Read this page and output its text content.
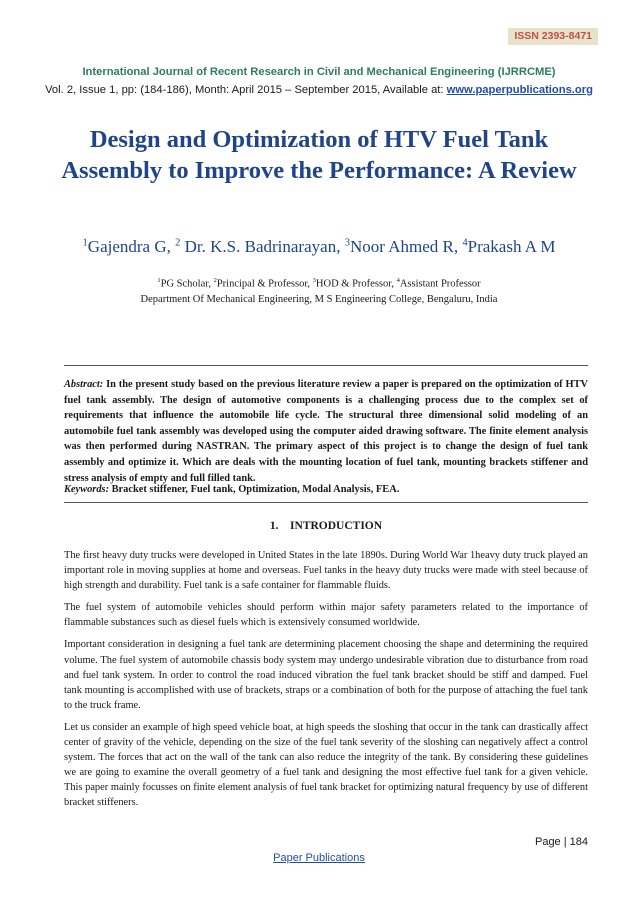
ISSN 2393-8471
International Journal of Recent Research in Civil and Mechanical Engineering (IJRRCME)
Vol. 2, Issue 1, pp: (184-186), Month: April 2015 – September 2015, Available at: www.paperpublications.org
Design and Optimization of HTV Fuel Tank Assembly to Improve the Performance: A Review
$^1$Gajendra G, $^2$ Dr. K.S. Badrinarayan, $^3$Noor Ahmed R, $^4$Prakash A M
$^1$PG Scholar, $^2$Principal & Professor, $^3$HOD & Professor, $^4$Assistant Professor
Department Of Mechanical Engineering, M S Engineering College, Bengaluru, India
Abstract: In the present study based on the previous literature review a paper is prepared on the optimization of HTV fuel tank assembly. The design of automotive components is a challenging process due to the complex set of requirements that influence the automobile life cycle. The structural three dimensional solid modeling of an automobile fuel tank assembly was developed using the computer aided drawing software. The finite element analysis was then performed during NASTRAN. The primary aspect of this project is to change the design of fuel tank assembly and optimize it. Which are deals with the mounting location of fuel tank, mounting brackets stiffener and stress analysis of empty and full filled tank.
Keywords: Bracket stiffener, Fuel tank, Optimization, Modal Analysis, FEA.
1.    INTRODUCTION

The first heavy duty trucks were developed in United States in the late 1890s. During World War 1heavy duty truck played an important role in moving supplies at home and overseas. Fuel tanks in the heavy duty trucks were made with steel because of high strength and durability. Fuel tank is a safe container for flammable fluids.

The fuel system of automobile vehicles should perform within major safety parameters related to the importance of flammable substances such as diesel fuels which is extensively consumed worldwide.

Important consideration in designing a fuel tank are determining placement choosing the shape and determining the required volume. The fuel system of automobile chassis body system may undergo undesirable vibration due to disturbance from road and fuel tank system. In order to control the road induced vibration the fuel tank bracket should be stiff and damped. Fuel tank mounting is accomplished with use of brackets, straps or a combination of both for the purpose of attaching the fuel tank to the truck frame.

Let us consider an example of high speed vehicle boat, at high speeds the sloshing that occur in the tank can drastically affect center of gravity of the vehicle, depending on the size of the fuel tank severity of the sloshing can negatively affect a control system. The forces that act on the wall of the tank can also reduce the integrity of the tank. By considering these guidelines we are going to examine the overall geometry of a fuel tank and designing the most effective fuel tank for a given vehicle. This paper mainly focusses on finite element analysis of fuel tank bracket for optimizing natural frequency by use of different bracket stiffeners.

Page | 184
Paper Publications
